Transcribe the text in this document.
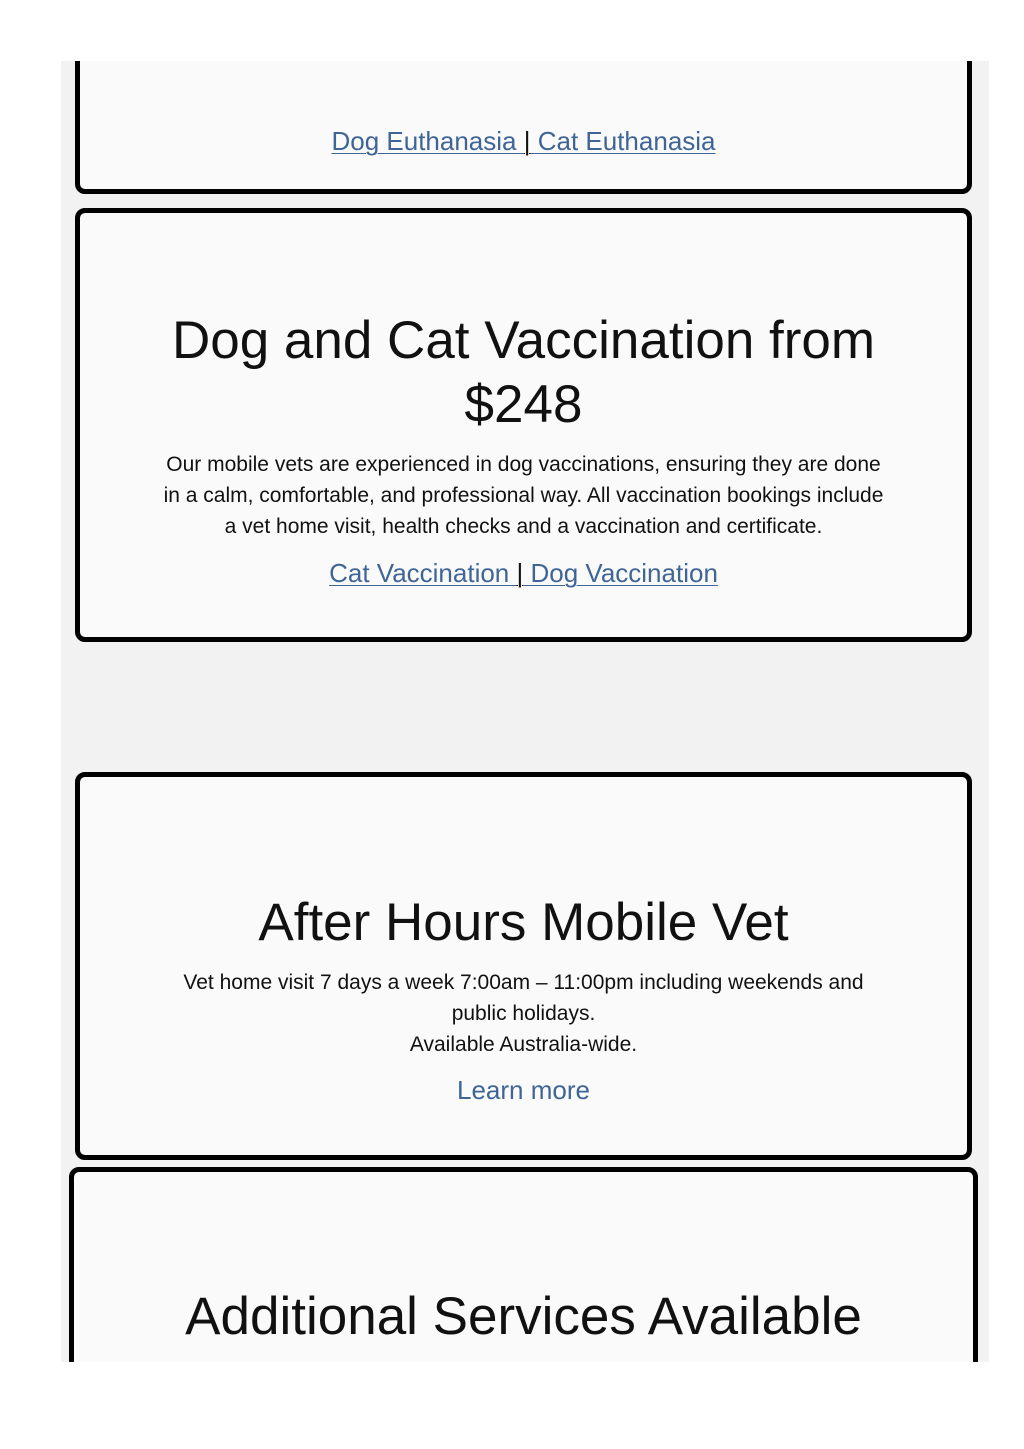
Dog Euthanasia | Cat Euthanasia
Dog and Cat Vaccination from $248

Our mobile vets are experienced in dog vaccinations, ensuring they are done in a calm, comfortable, and professional way. All vaccination bookings include a vet home visit, health checks and a vaccination and certificate.

Cat Vaccination | Dog Vaccination
After Hours Mobile Vet
Vet home visit 7 days a week 7:00am – 11:00pm including weekends and public holidays.
Available Australia-wide.
Learn more
Additional Services Available
